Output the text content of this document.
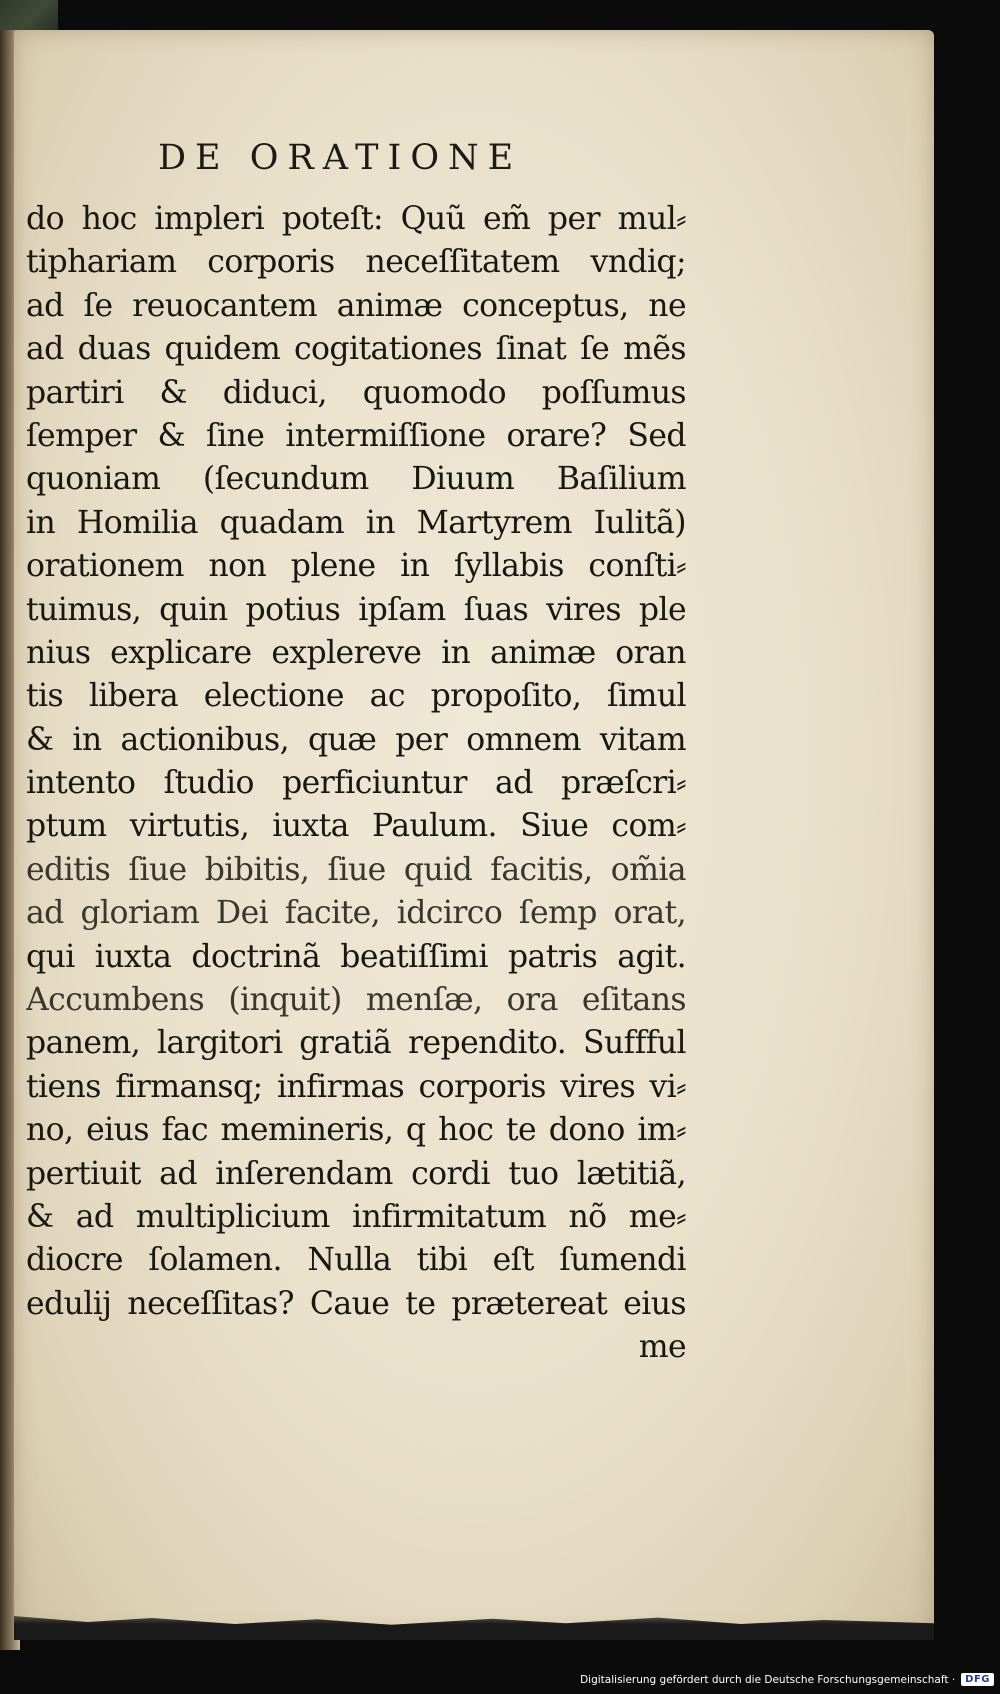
DE ORATIONE
do hoc impleri poteſt: Quũ em̃ per mul⸗
tiphariam corporis neceſſitatem vndiq;
ad ſe reuocantem animæ conceptus, ne
ad duas quidem cogitationes ſinat ſe mẽs
partiri & diduci, quomodo poſſumus
ſemper & ſine intermiſſione orare? Sed
quoniam (ſecundum Diuum Baſilium
in Homilia quadam in Martyrem Iulitã)
orationem non plene in ſyllabis conſti⸗
tuimus, quin potius ipſam ſuas vires ple
nius explicare explereve in animæ oran
tis libera electione ac propoſito, ſimul
& in actionibus, quæ per omnem vitam
intento ſtudio perficiuntur ad præſcri⸗
ptum virtutis, iuxta Paulum. Siue com⸗
editis ſiue bibitis, ſiue quid facitis, om̃ia
ad gloriam Dei facite, idcirco ſemp orat,
qui iuxta doctrinã beatiſſimi patris agit.
Accumbens (inquit) menſæ, ora eſitans
panem, largitori gratiã rependito. Suffful
tiens firmansq; infirmas corporis vires vi⸗
no, eius fac memineris, q hoc te dono im⸗
pertiuit ad inſerendam cordi tuo lætitiã,
& ad multiplicium infirmitatum nõ me⸗
diocre ſolamen. Nulla tibi eſt ſumendi
edulij neceſſitas? Caue te prætereat eius
me
Digitalisierung gefördert durch die Deutsche Forschungsgemeinschaft ·	DFG
